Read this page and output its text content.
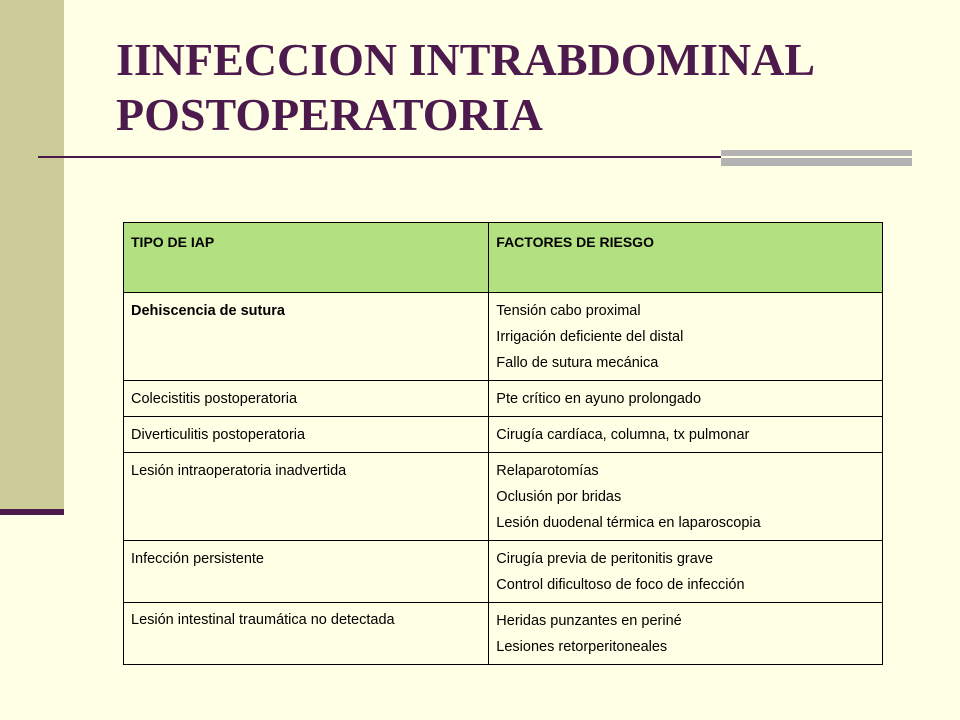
IINFECCION INTRABDOMINAL
POSTOPERATORIA
TIPO DE IAP	FACTORES DE RIESGO

Dehiscencia de sutura	Tensión cabo proximal
Irrigación deficiente del distal
Fallo de sutura mecánica

Colecistitis postoperatoria	Pte crítico en ayuno prolongado

Diverticulitis postoperatoria	Cirugía cardíaca, columna, tx pulmonar

Lesión intraoperatoria inadvertida	Relaparotomías
Oclusión por bridas
Lesión duodenal térmica en laparoscopia

Infección persistente	Cirugía previa de peritonitis grave
Control dificultoso de foco de infección

Lesión intestinal traumática no detectada	Heridas punzantes en periné
Lesiones retorperitoneales
